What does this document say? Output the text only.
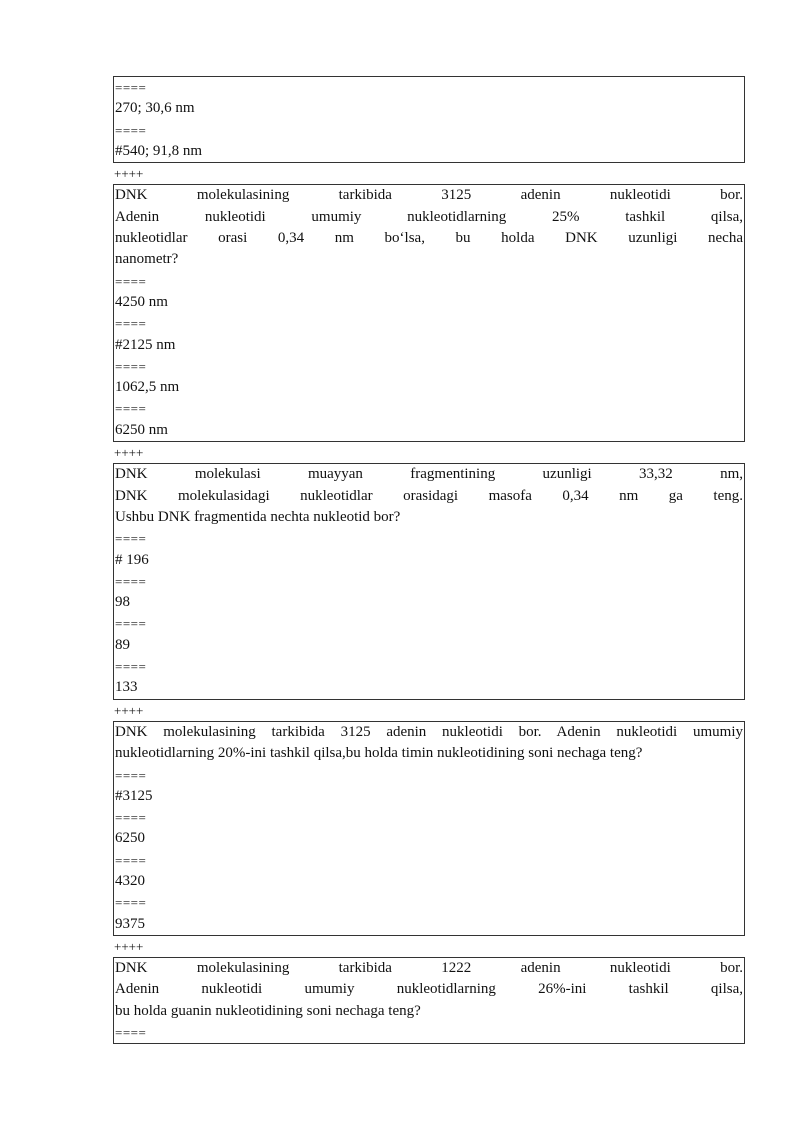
====
270; 30,6 nm
====
#540; 91,8 nm
++++
DNK molekulasining tarkibida 3125 adenin nukleotidi bor.
Adenin nukleotidi umumiy nukleotidlarning 25% tashkil qilsa,
nukleotidlar orasi 0,34 nm bo‘lsa, bu holda DNK uzunligi necha
nanometr?
====
4250 nm
====
#2125 nm
====
1062,5 nm
====
6250 nm
++++
DNK molekulasi muayyan fragmentining uzunligi 33,32 nm,
DNK molekulasidagi nukleotidlar orasidagi masofa 0,34 nm ga teng.
Ushbu DNK fragmentida nechta nukleotid bor?
====
# 196
====
98
====
89
====
133
++++
DNK molekulasining tarkibida 3125 adenin nukleotidi bor. Adenin nukleotidi umumiy
nukleotidlarning 20%-ini tashkil qilsa,bu holda timin nukleotidining soni nechaga teng?
====
#3125
====
6250
====
4320
====
9375
++++
DNK molekulasining tarkibida 1222 adenin nukleotidi bor.
Adenin nukleotidi umumiy nukleotidlarning 26%-ini tashkil qilsa,
bu holda guanin nukleotidining soni nechaga teng?
====
